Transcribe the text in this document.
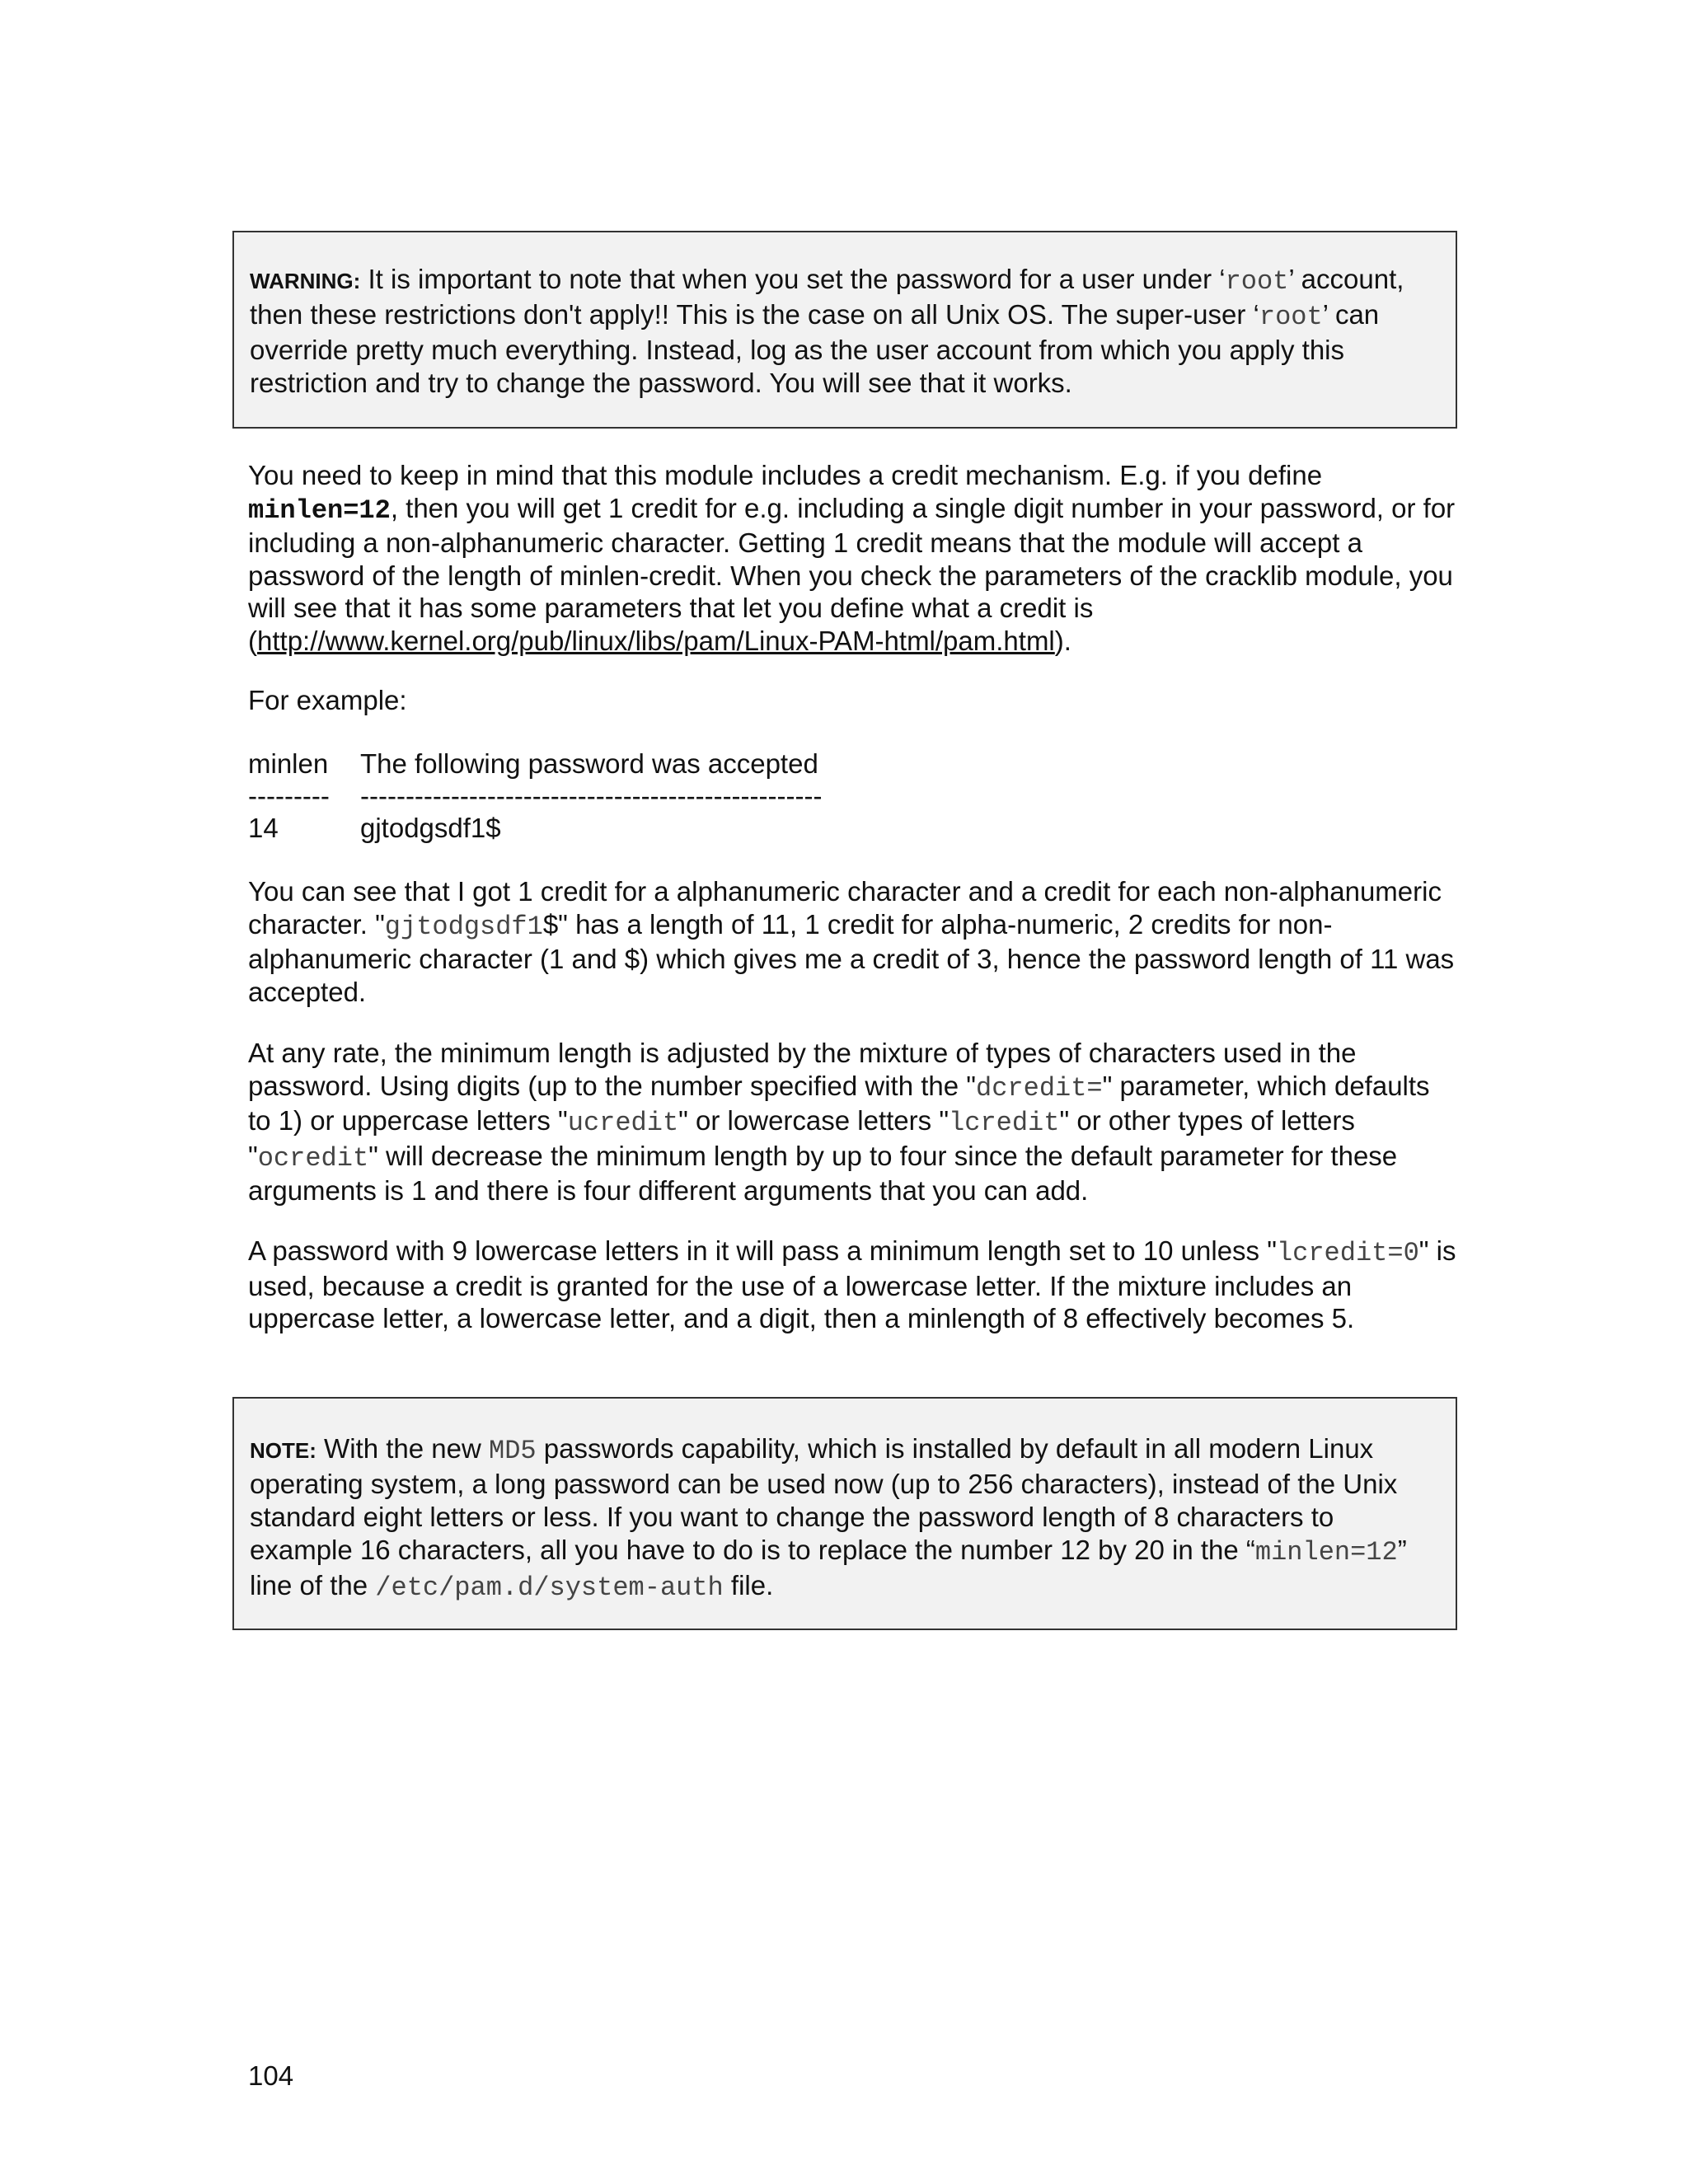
WARNING: It is important to note that when you set the password for a user under ‘root’ account, then these restrictions don't apply!! This is the case on all Unix OS. The super-user ‘root’ can override pretty much everything. Instead, log as the user account from which you apply this restriction and try to change the password. You will see that it works.

You need to keep in mind that this module includes a credit mechanism. E.g. if you define minlen=12, then you will get 1 credit for e.g. including a single digit number in your password, or for including a non-alphanumeric character. Getting 1 credit means that the module will accept a password of the length of minlen-credit. When you check the parameters of the cracklib module, you will see that it has some parameters that let you define what a credit is (http://www.kernel.org/pub/linux/libs/pam/Linux-PAM-html/pam.html).

For example:

minlen The following password was accepted
--------- ---------------------------------------------------
14	gjtodgsdf1$

You can see that I got 1 credit for a alphanumeric character and a credit for each non-alphanumeric character. "gjtodgsdf1$" has a length of 11, 1 credit for alpha-numeric, 2 credits for non-alphanumeric character (1 and $) which gives me a credit of 3, hence the password length of 11 was accepted.

At any rate, the minimum length is adjusted by the mixture of types of characters used in the password. Using digits (up to the number specified with the "dcredit=" parameter, which defaults to 1) or uppercase letters "ucredit" or lowercase letters "lcredit" or other types of letters "ocredit" will decrease the minimum length by up to four since the default parameter for these arguments is 1 and there is four different arguments that you can add.

A password with 9 lowercase letters in it will pass a minimum length set to 10 unless "lcredit=0" is used, because a credit is granted for the use of a lowercase letter. If the mixture includes an uppercase letter, a lowercase letter, and a digit, then a minlength of 8 effectively becomes 5.

NOTE: With the new MD5 passwords capability, which is installed by default in all modern Linux operating system, a long password can be used now (up to 256 characters), instead of the Unix standard eight letters or less. If you want to change the password length of 8 characters to example 16 characters, all you have to do is to replace the number 12 by 20 in the “minlen=12” line of the /etc/pam.d/system-auth file.
104
